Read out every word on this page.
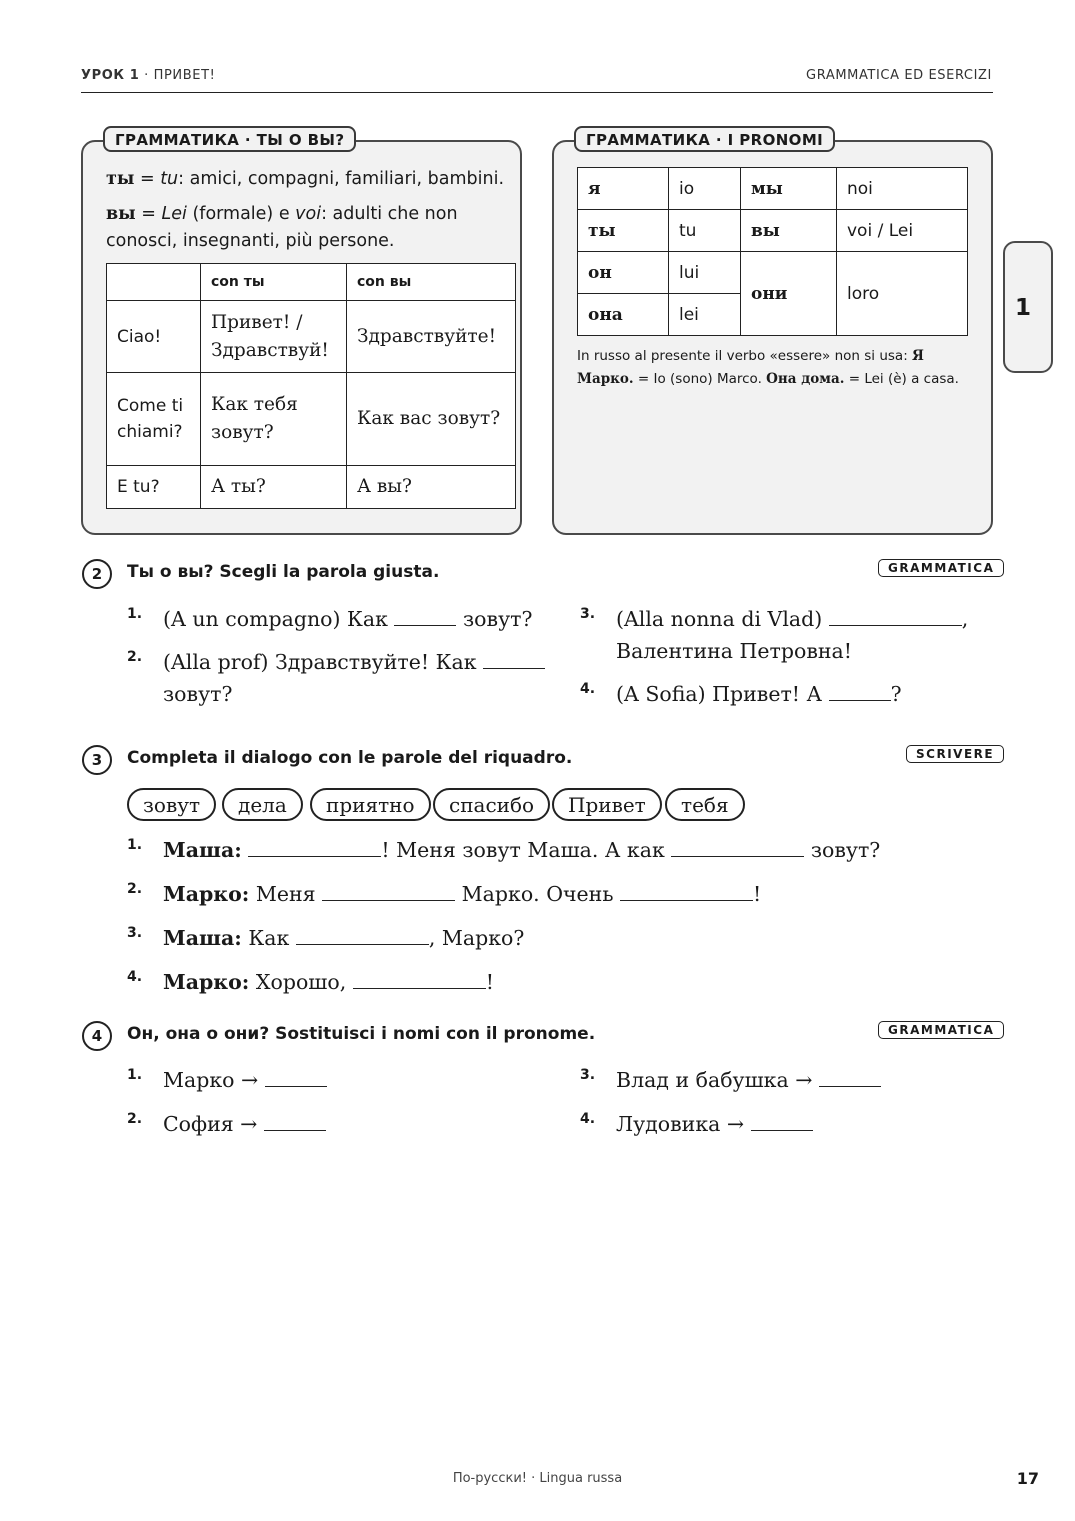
УРОК 1 · ПРИВЕТ!	GRAMMATICA ED ESERCIZI
1
ГРАММАТИКА · ТЫ О ВЫ?
ты = tu: amici, compagni, familiari, bambini.
вы = Lei (formale) e voi: adulti che non conosci, insegnanti, più persone.
	con ты	con вы
Ciao!	Привет! / Здравствуй!	Здравствуйте!
Come ti chiami?	Как тебя зовут?	Как вас зовут?
E tu?	А ты?	А вы?
ГРАММАТИКА · I PRONOMI
я	io	мы	noi
ты	tu	вы	voi / Lei
он	lui	они	loro
она	lei		
In russo al presente il verbo «essere» non si usa: Я Марко. = Io (sono) Marco. Она дома. = Lei (è) a casa.
2	Ты о вы? Scegli la parola giusta.	GRAMMATICA
1. (A un compagno) Как	зовут?
2. (Alla prof) Здравствуйте! Как
зовут?
3. (Alla nonna di Vlad)	,
Валентина Петровна!
4. (A Sofia) Привет! А	?
3	Completa il dialogo con le parole del riquadro.	SCRIVERE
зовут	дела	приятно	спасибо	Привет	тебя
1. Маша:	! Меня зовут Маша. А как	зовут?
2. Марко: Меня	Марко. Очень	!
3. Маша: Как	, Марко?
4. Марко: Хорошо,	!
4	Он, она о они? Sostituisci i nomi con il pronome.	GRAMMATICA
1. Марко →
2. София →
3. Влад и бабушка →
4. Лудовика →
По-русски! · Lingua russa	17
